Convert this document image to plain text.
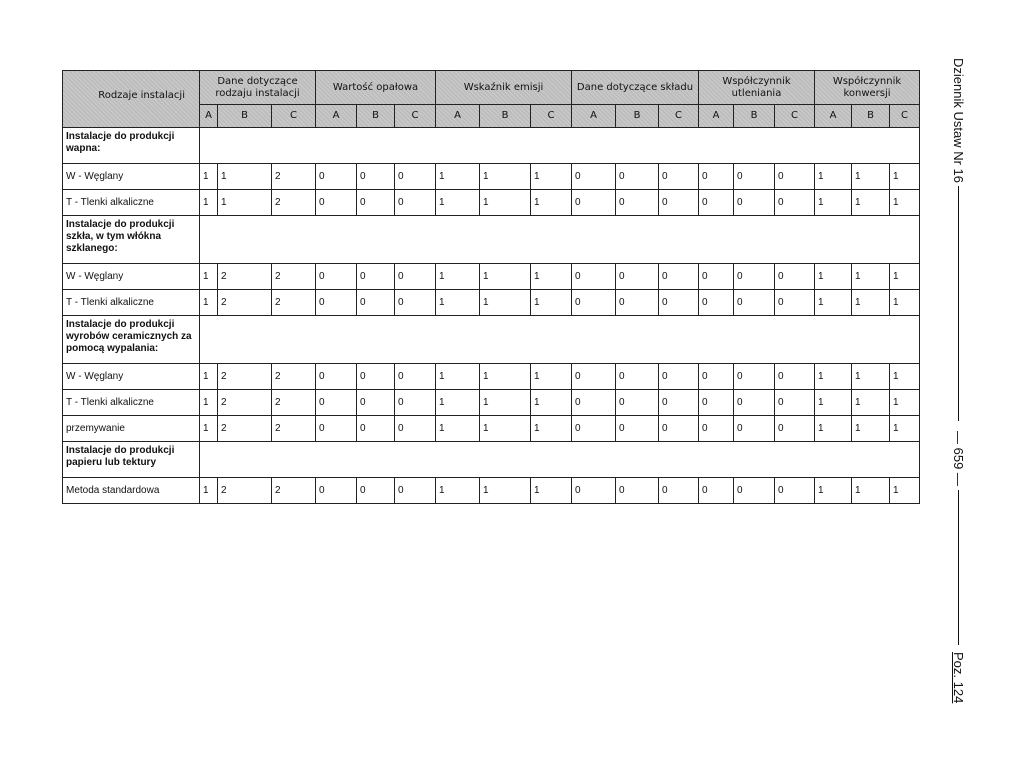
Rodzaje instalacji	Dane dotyczące rodzaju instalacji			Wartość opałowa			Wskaźnik emisji			Dane dotyczące składu			Współczynnik utleniania			Współczynnik konwersji		

	A	B	C	A	B	C	A	B	C	A	B	C	A	B	C	A	B	C
Instalacje do produkcji wapna:																		
W - Węglany	1	1	2	0	0	0	1	1	1	0	0	0	0	0	0	1	1	1
T - Tlenki alkaliczne	1	1	2	0	0	0	1	1	1	0	0	0	0	0	0	1	1	1
Instalacje do produkcji szkła, w tym włókna szklanego:																		
W - Węglany	1	2	2	0	0	0	1	1	1	0	0	0	0	0	0	1	1	1
T - Tlenki alkaliczne	1	2	2	0	0	0	1	1	1	0	0	0	0	0	0	1	1	1
Instalacje do produkcji wyrobów ceramicznych za pomocą wypalania:																		
W - Węglany	1	2	2	0	0	0	1	1	1	0	0	0	0	0	0	1	1	1
T - Tlenki alkaliczne	1	2	2	0	0	0	1	1	1	0	0	0	0	0	0	1	1	1
przemywanie	1	2	2	0	0	0	1	1	1	0	0	0	0	0	0	1	1	1
Instalacje do produkcji papieru lub tektury																		
Metoda standardowa	1	2	2	0	0	0	1	1	1	0	0	0	0	0	0	1	1	1
Dziennik Ustaw Nr 16
— 659 —
Poz. 124
